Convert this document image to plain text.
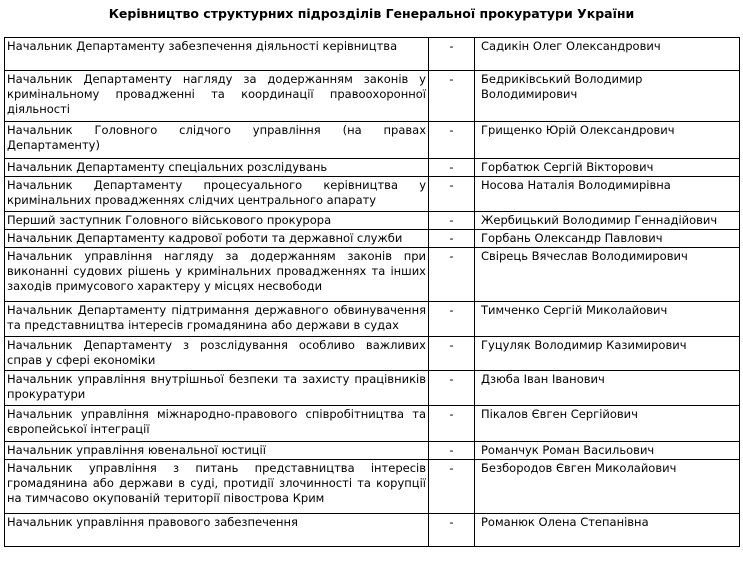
Керівництво структурних підрозділів Генеральної прокуратури України
Начальник Департаменту забезпечення діяльності керівництва	-	Садикін Олег Олександрович
Начальник Департаменту нагляду за додержанням законів у кримінальному провадженні та координації правоохоронної діяльності	-	Бедриківський Володимир Володимирович
Начальник Головного слідчого управління (на правах Департаменту)	-	Грищенко Юрій Олександрович
Начальник Департаменту спеціальних розслідувань	-	Горбатюк Сергій Вікторович
Начальник Департаменту процесуального керівництва у кримінальних провадженнях слідчих центрального апарату	-	Носова Наталія Володимирівна
Перший заступник Головного військового прокурора	-	Жербицький Володимир Геннадійович
Начальник Департаменту кадрової роботи та державної служби	-	Горбань Олександр Павлович
Начальник управління нагляду за додержанням законів при виконанні судових рішень у кримінальних провадженнях та інших заходів примусового характеру у місцях несвободи	-	Свірець Вячеслав Володимирович
Начальник Департаменту підтримання державного обвинувачення та представництва інтересів громадянина або держави в судах	-	Тимченко Сергій Миколайович
Начальник Департаменту з розслідування особливо важливих справ у сфері економіки	-	Гуцуляк Володимир Казимирович
Начальник управління внутрішньої безпеки та захисту працівників прокуратури	-	Дзюба Іван Іванович
Начальник управління міжнародно-правового співробітництва та європейської інтеграції	-	Пікалов Євген Сергійович
Начальник управління ювенальної юстиції	-	Романчук Роман Васильович
Начальник управління з питань представництва інтересів громадянина або держави в суді, протидії злочинності та корупції на тимчасово окупованій території півострова Крим	-	Безбородов Євген Миколайович
Начальник управління правового забезпечення	-	Романюк Олена Степанівна
